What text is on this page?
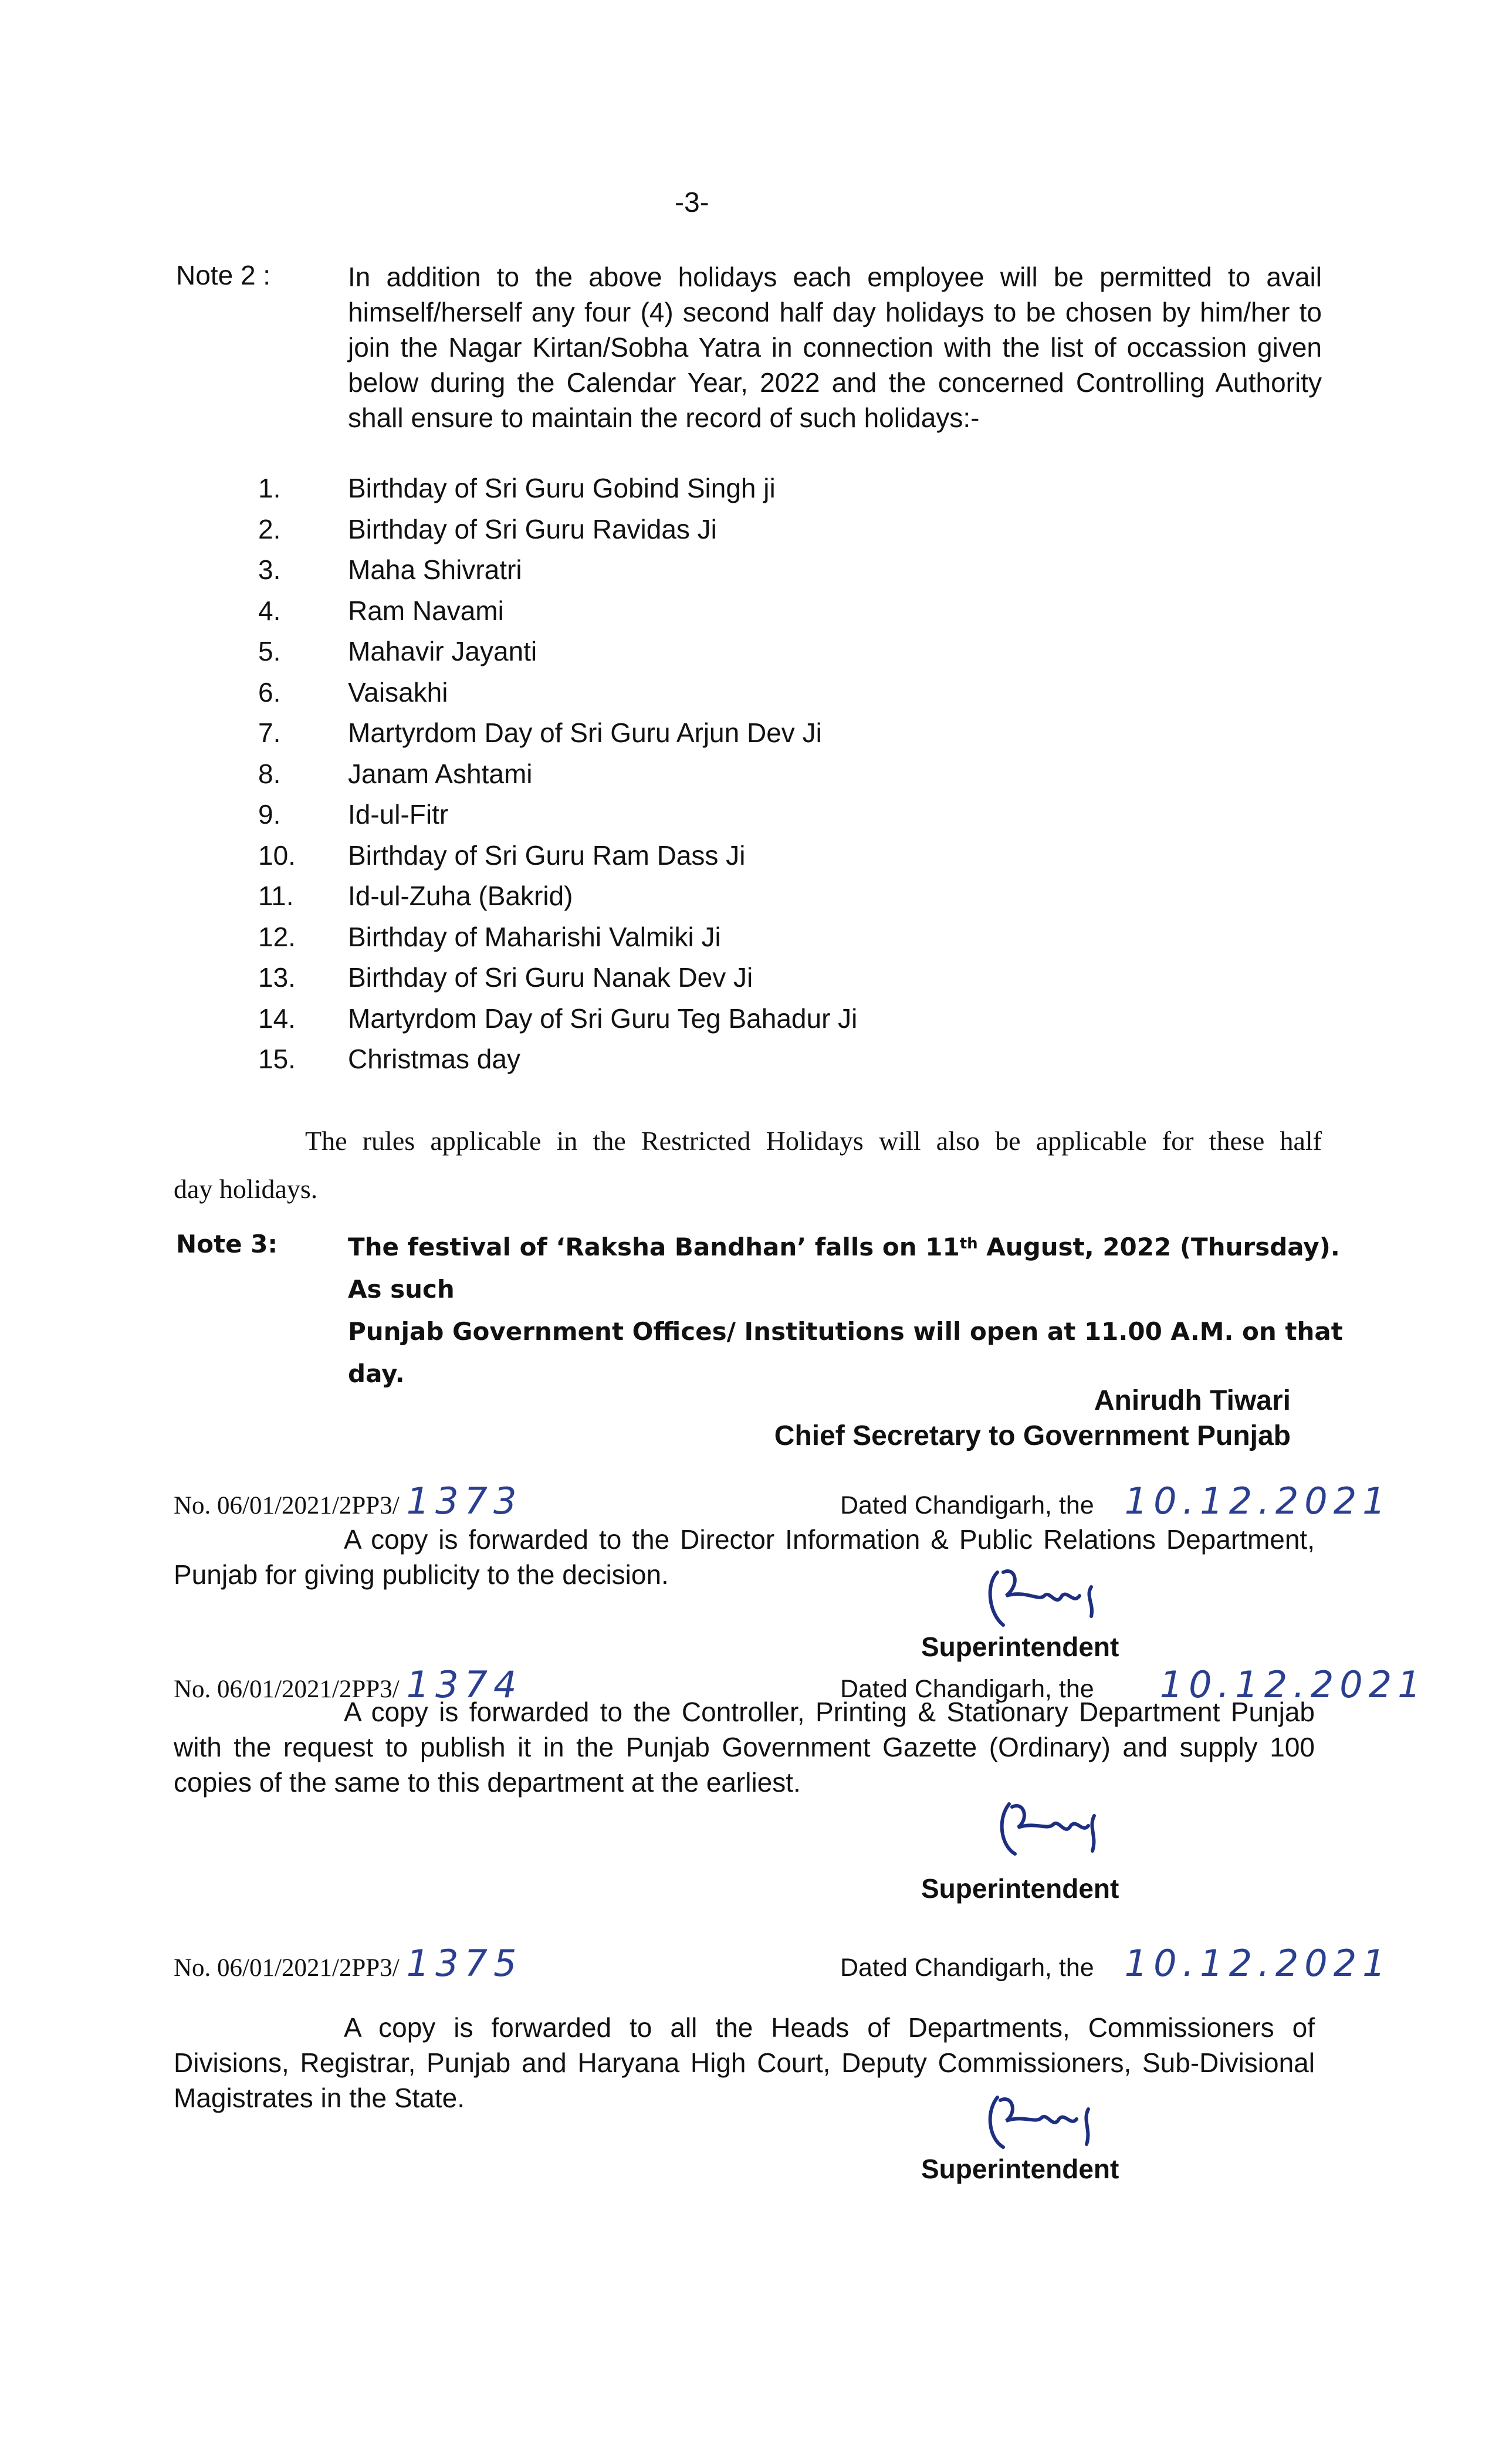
-3-
Note 2 :	In addition to the above holidays each employee will be permitted to avail himself/herself any four (4) second half day holidays to be chosen by him/her to join the Nagar Kirtan/Sobha Yatra in connection with the list of occassion given below during the Calendar Year, 2022 and the concerned Controlling Authority shall ensure to maintain the record of such holidays:-

1.	Birthday of Sri Guru Gobind Singh ji
2.	Birthday of Sri Guru Ravidas Ji
3.	Maha Shivratri
4.	Ram Navami
5.	Mahavir Jayanti
6.	Vaisakhi
7.	Martyrdom Day of Sri Guru Arjun Dev Ji
8.	Janam Ashtami
9.	Id-ul-Fitr
10.	Birthday of Sri Guru Ram Dass Ji
11.	Id-ul-Zuha (Bakrid)
12.	Birthday of Maharishi Valmiki Ji
13.	Birthday of Sri Guru Nanak Dev Ji
14.	Martyrdom Day of Sri Guru Teg Bahadur Ji
15.	Christmas day
The rules applicable in the Restricted Holidays will also be applicable for these half
day holidays.
Note 3:	The festival of ‘Raksha Bandhan’ falls on 11th August, 2022 (Thursday). As such
Punjab Government Offices/ Institutions will open at 11.00 A.M. on that day.
Anirudh Tiwari
Chief Secretary to Government Punjab
No. 06/01/2021/2PP3/ 1373	Dated Chandigarh, the 10.12.2021

A copy is forwarded to the Director Information & Public Relations Department, Punjab for giving publicity to the decision.

Superintendent
No. 06/01/2021/2PP3/ 1374	Dated Chandigarh, the 10.12.2021

A copy is forwarded to the Controller, Printing & Stationary Department Punjab with the request to publish it in the Punjab Government Gazette (Ordinary) and supply 100 copies of the same to this department at the earliest.

Superintendent
No. 06/01/2021/2PP3/ 1375	Dated Chandigarh, the 10.12.2021

A copy is forwarded to all the Heads of Departments, Commissioners of Divisions, Registrar, Punjab and Haryana High Court, Deputy Commissioners, Sub-Divisional Magistrates in the State.

Superintendent
